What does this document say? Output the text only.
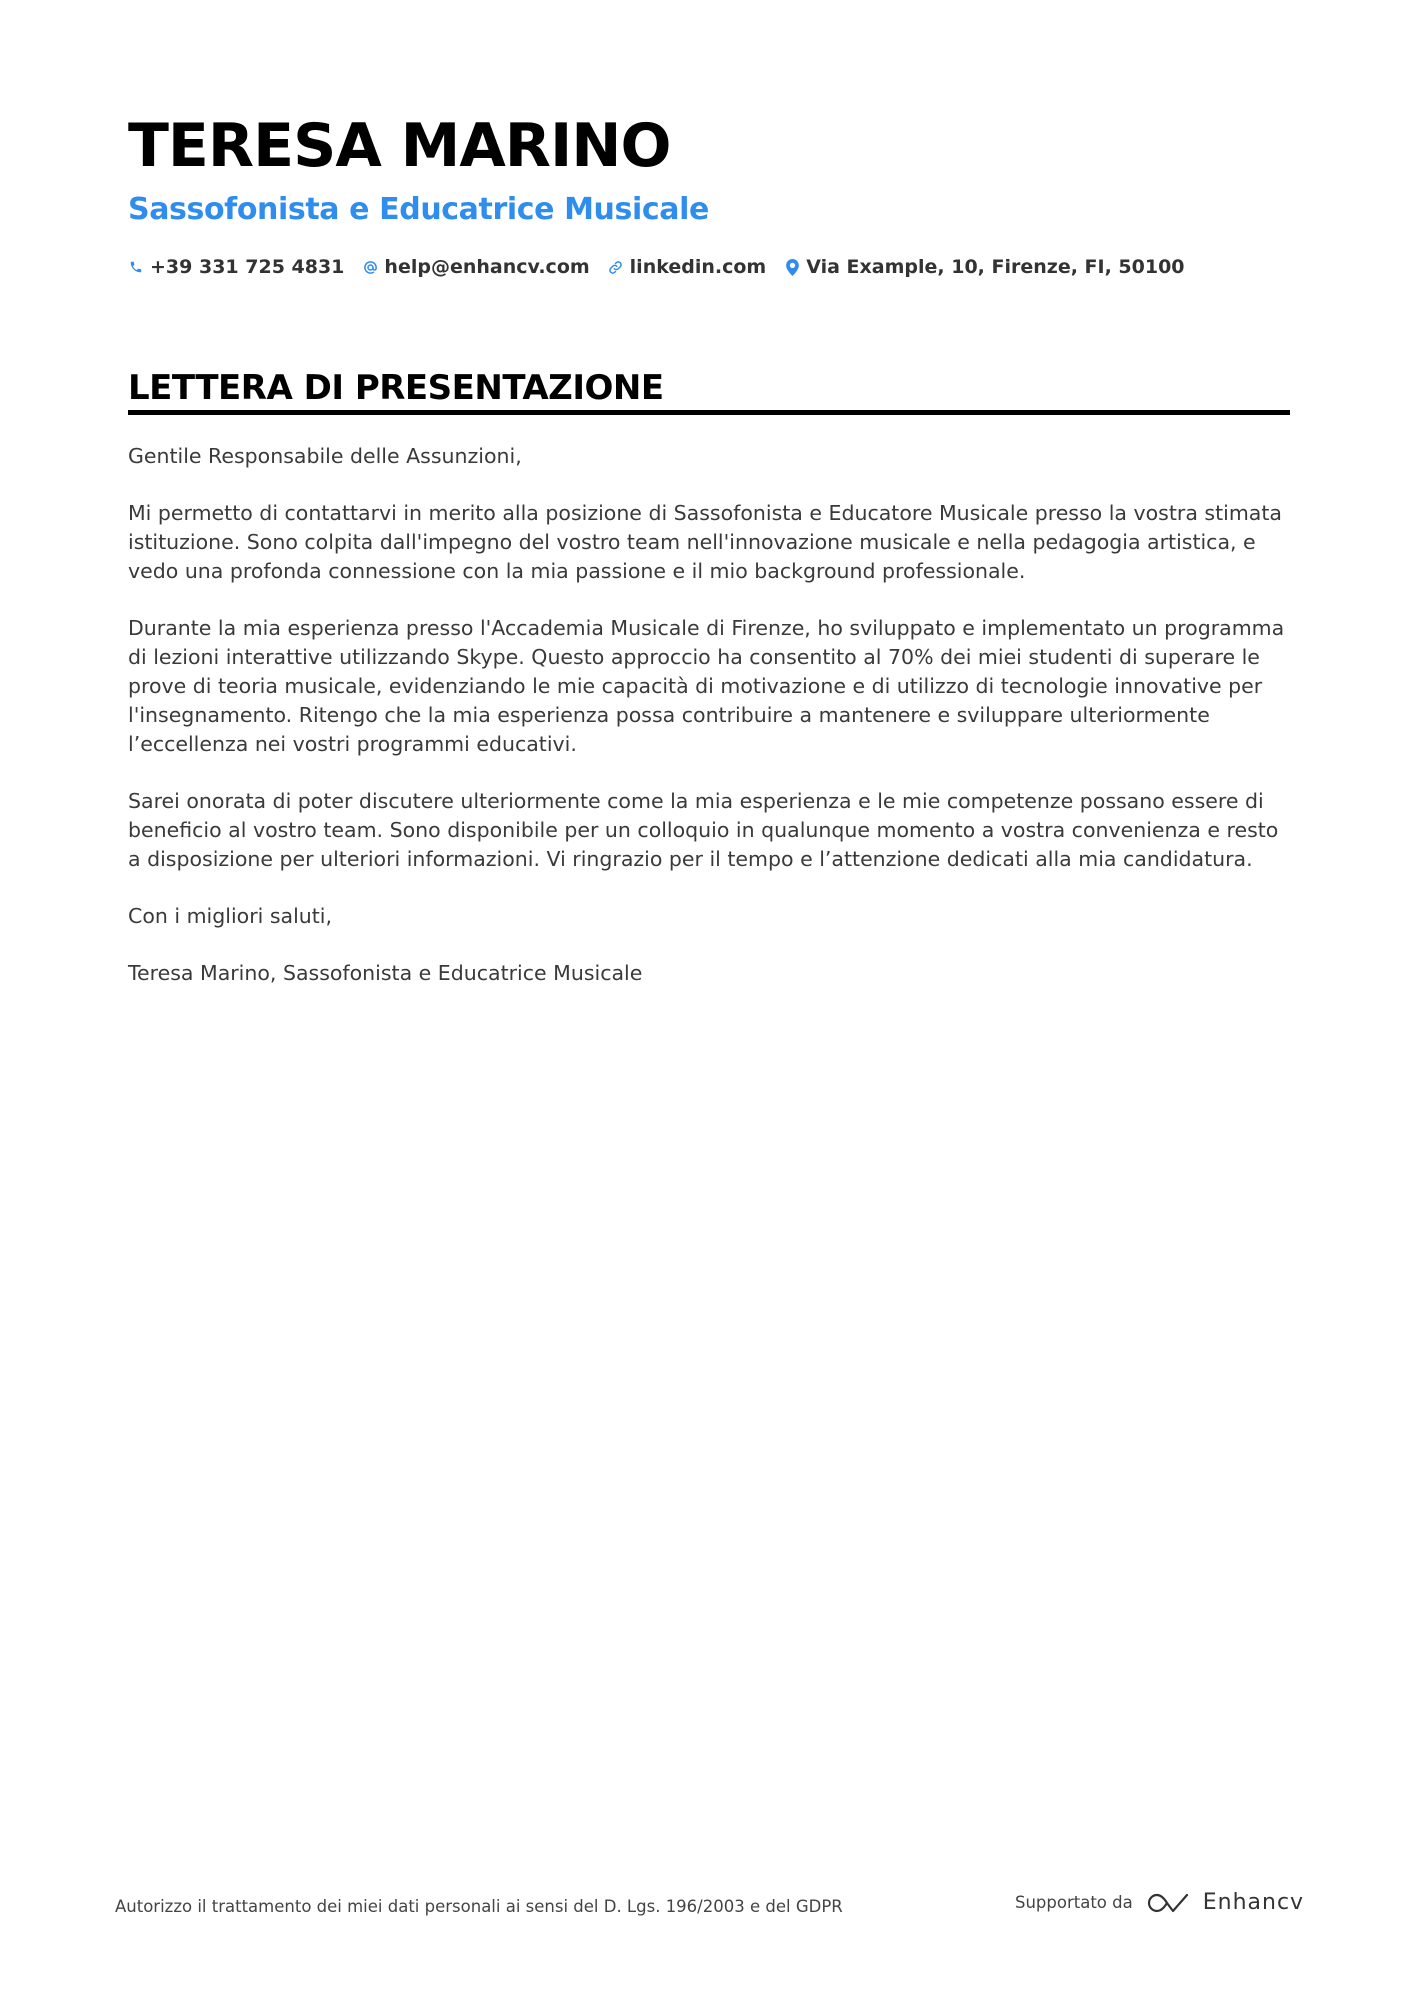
TERESA MARINO
Sassofonista e Educatrice Musicale
+39 331 725 4831 help@enhancv.com linkedin.com Via Example, 10, Firenze, FI, 50100
LETTERA DI PRESENTAZIONE

Gentile Responsabile delle Assunzioni,

Mi permetto di contattarvi in merito alla posizione di Sassofonista e Educatore Musicale presso la vostra stimata istituzione. Sono colpita dall'impegno del vostro team nell'innovazione musicale e nella pedagogia artistica, e vedo una profonda connessione con la mia passione e il mio background professionale.

Durante la mia esperienza presso l'Accademia Musicale di Firenze, ho sviluppato e implementato un programma di lezioni interattive utilizzando Skype. Questo approccio ha consentito al 70% dei miei studenti di superare le prove di teoria musicale, evidenziando le mie capacità di motivazione e di utilizzo di tecnologie innovative per l'insegnamento. Ritengo che la mia esperienza possa contribuire a mantenere e sviluppare ulteriormente l’eccellenza nei vostri programmi educativi.

Sarei onorata di poter discutere ulteriormente come la mia esperienza e le mie competenze possano essere di beneficio al vostro team. Sono disponibile per un colloquio in qualunque momento a vostra convenienza e resto a disposizione per ulteriori informazioni. Vi ringrazio per il tempo e l’attenzione dedicati alla mia candidatura.

Con i migliori saluti,

Teresa Marino, Sassofonista e Educatrice Musicale

Autorizzo il trattamento dei miei dati personali ai sensi del D. Lgs. 196/2003 e del GDPR	Supportato da	Enhancv
